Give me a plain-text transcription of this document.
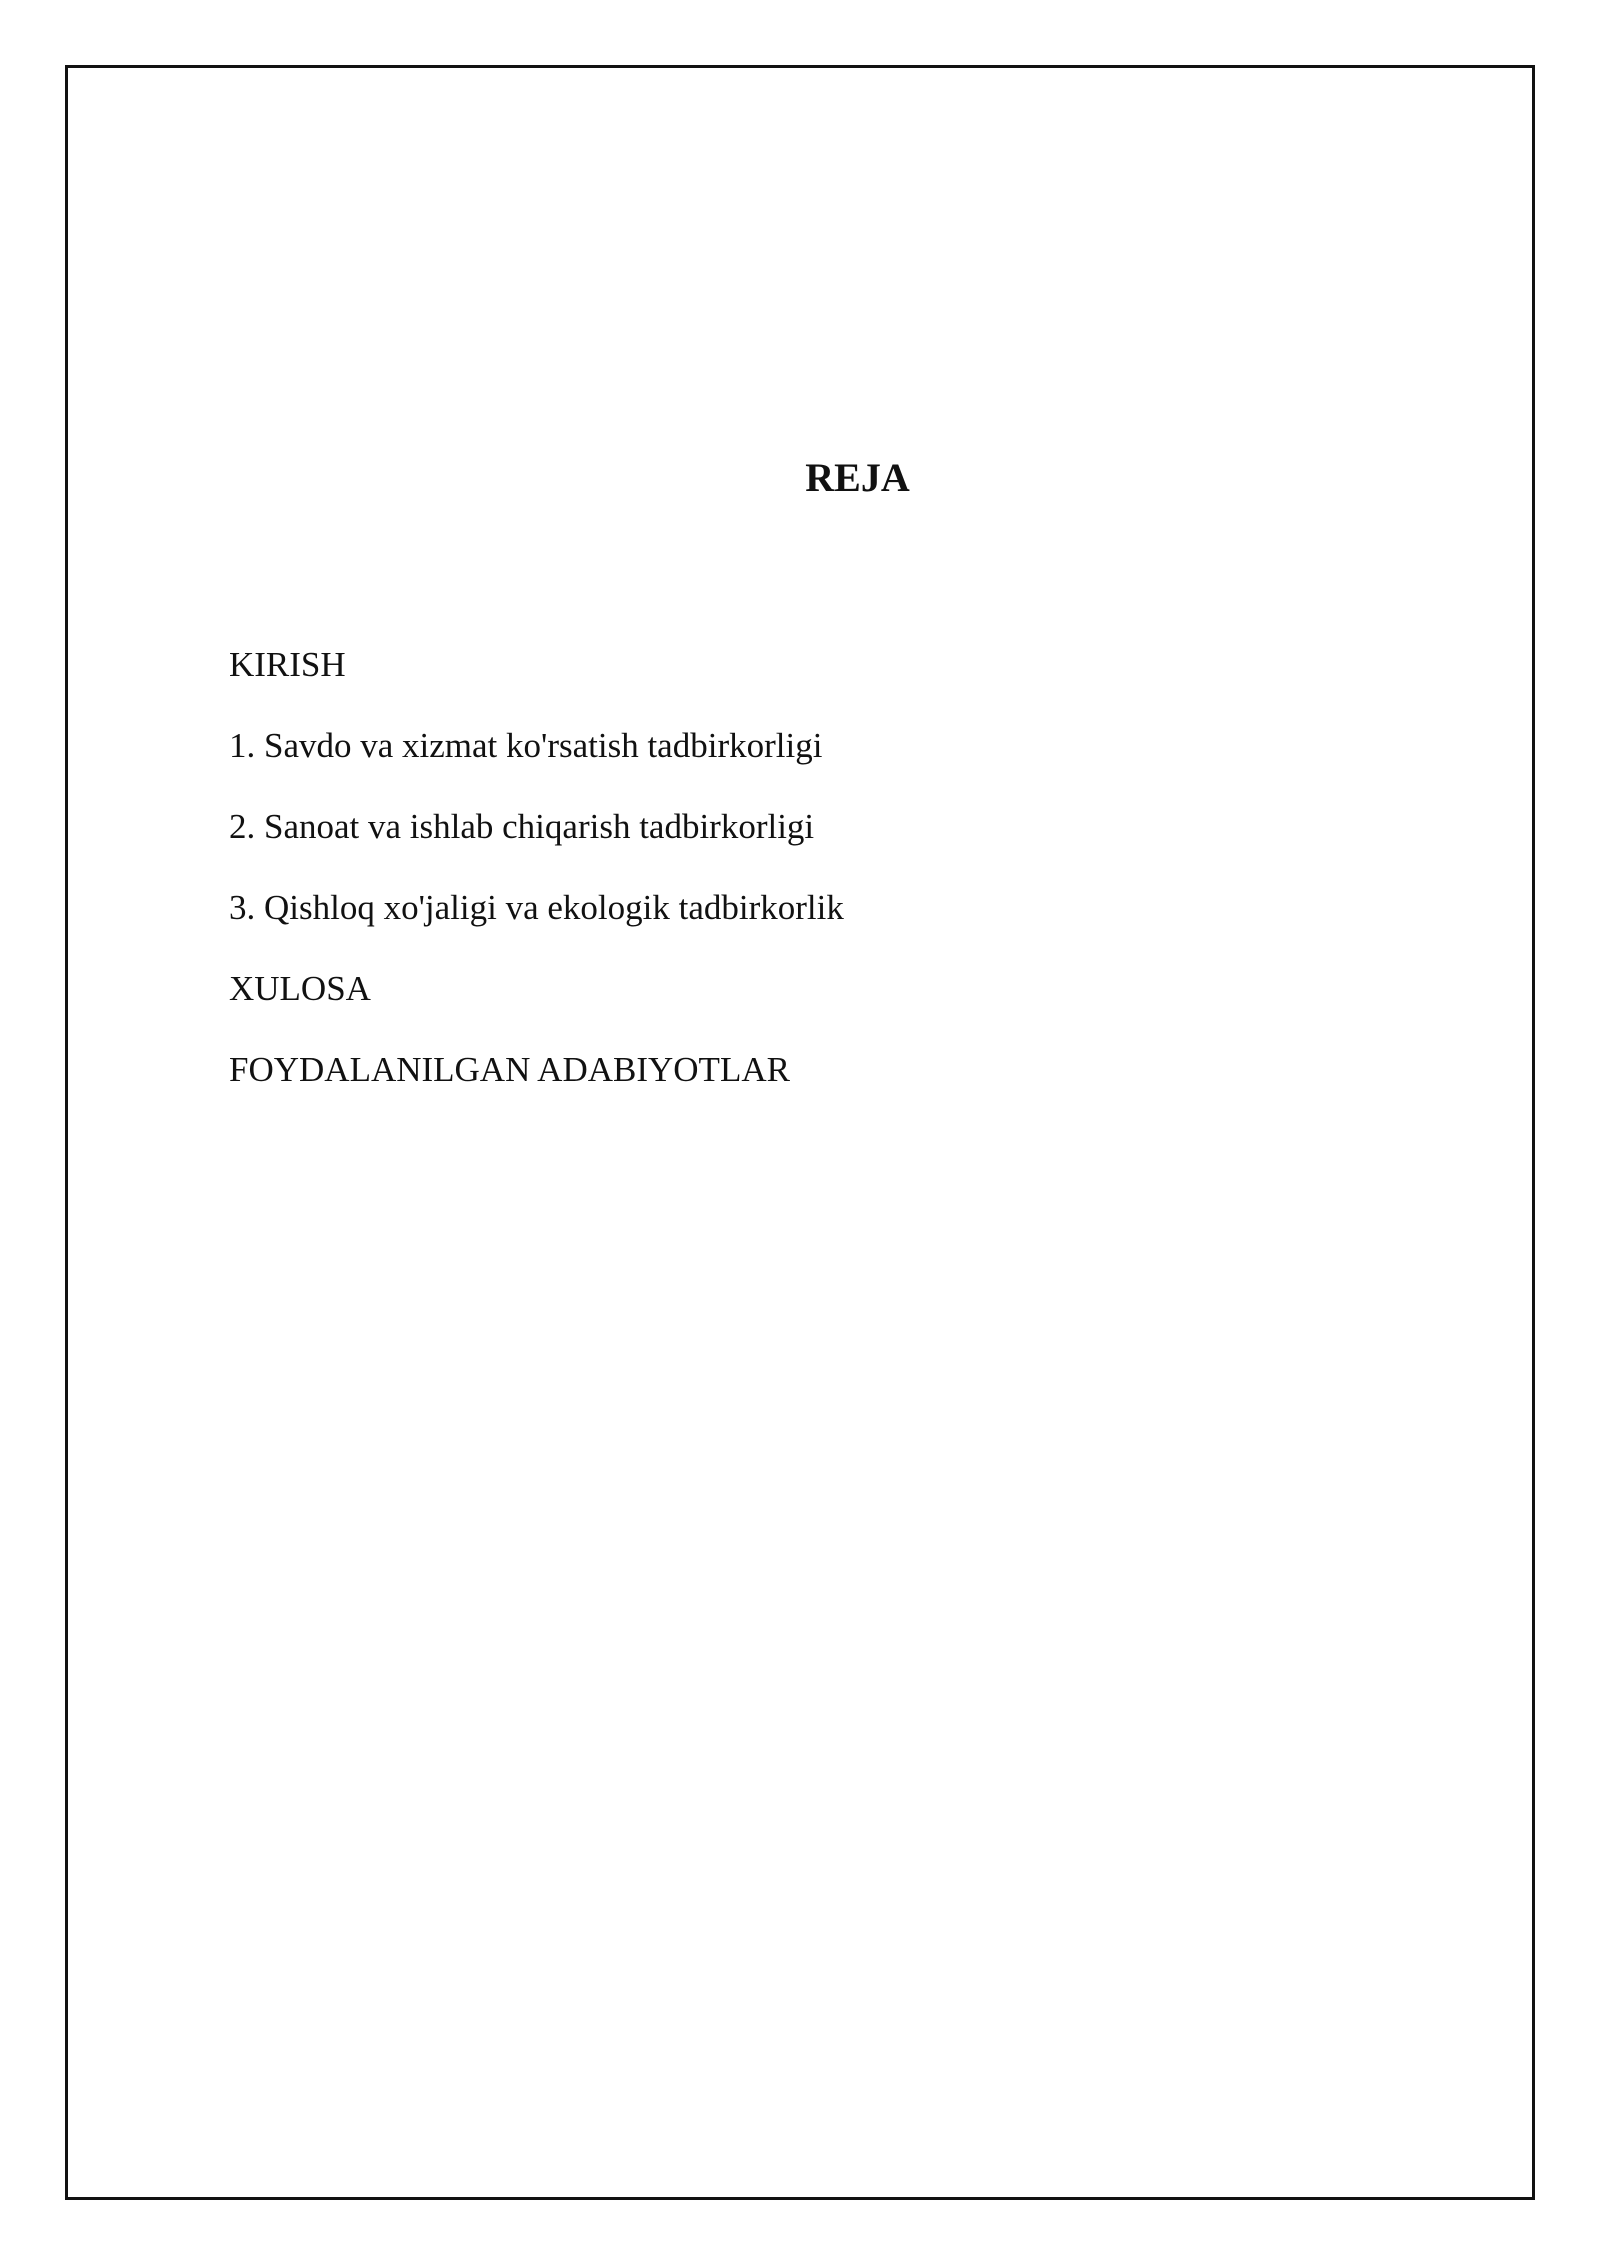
REJA
KIRISH
1. Savdo va xizmat ko'rsatish tadbirkorligi
2. Sanoat va ishlab chiqarish tadbirkorligi
3. Qishloq xo'jaligi va ekologik tadbirkorlik
XULOSA
FOYDALANILGAN ADABIYOTLAR
